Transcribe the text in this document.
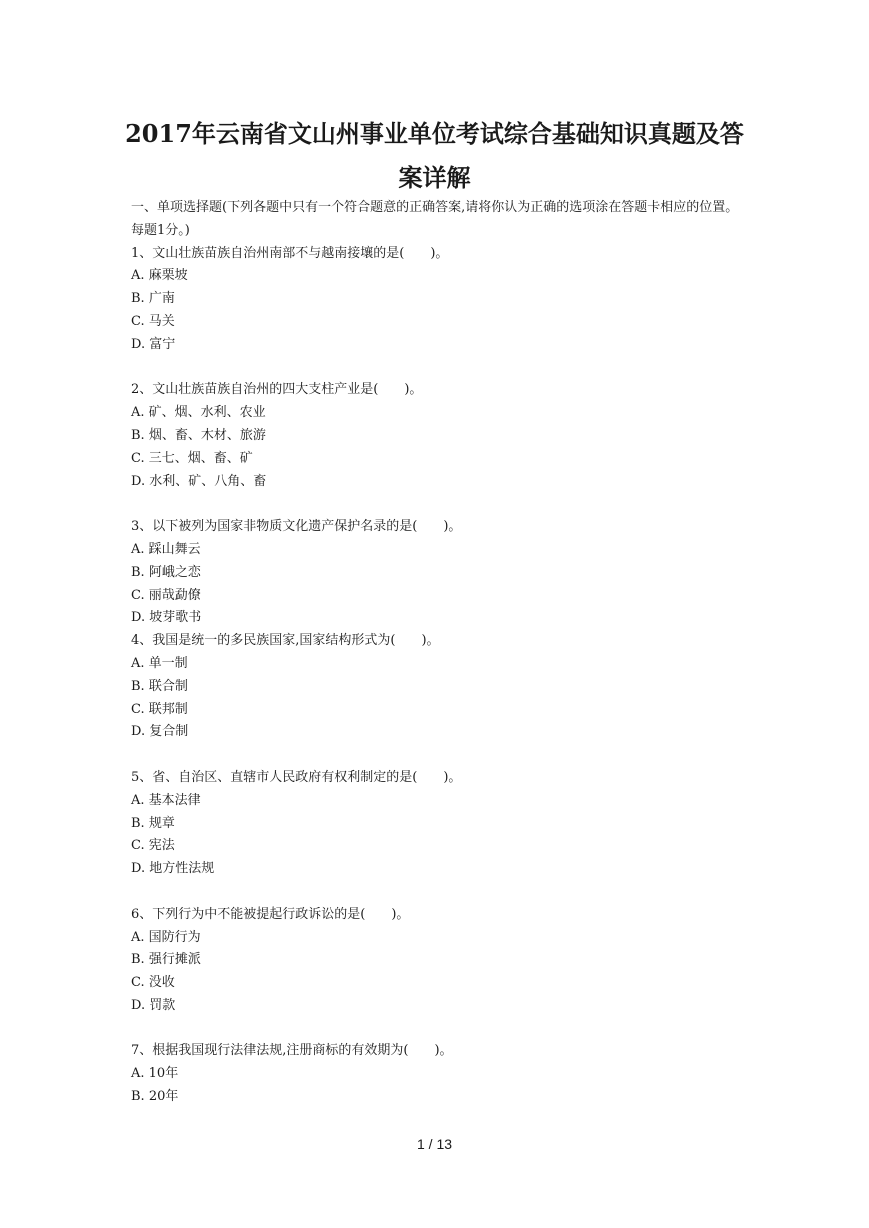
2017年云南省文山州事业单位考试综合基础知识真题及答
案详解
一、单项选择题(下列各题中只有一个符合题意的正确答案,请将你认为正确的选项涂在答题卡相应的位置。
每题1分。)
1、文山壮族苗族自治州南部不与越南接壤的是(　　)。
A. 麻栗坡
B. 广南
C. 马关
D. 富宁
2、文山壮族苗族自治州的四大支柱产业是(　　)。
A. 矿、烟、水利、农业
B. 烟、畜、木材、旅游
C. 三七、烟、畜、矿
D. 水利、矿、八角、畜
3、以下被列为国家非物质文化遗产保护名录的是(　　)。
A. 踩山舞云
B. 阿峨之恋
C. 丽哉勐僚
D. 坡芽歌书
4、我国是统一的多民族国家,国家结构形式为(　　)。
A. 单一制
B. 联合制
C. 联邦制
D. 复合制
5、省、自治区、直辖市人民政府有权利制定的是(　　)。
A. 基本法律
B. 规章
C. 宪法
D. 地方性法规
6、下列行为中不能被提起行政诉讼的是(　　)。
A. 国防行为
B. 强行摊派
C. 没收
D. 罚款
7、根据我国现行法律法规,注册商标的有效期为(　　)。
A. 10年
B. 20年
1 / 13
